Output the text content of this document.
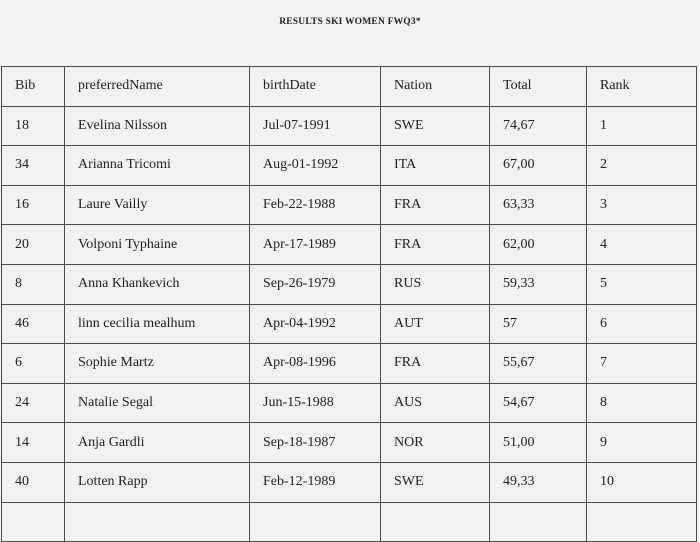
RESULTS SKI WOMEN FWQ3*
Bib	preferredName	birthDate	Nation	Total	Rank
18	Evelina Nilsson	Jul-07-1991	SWE	74,67	1
34	Arianna Tricomi	Aug-01-1992	ITA	67,00	2
16	Laure Vailly	Feb-22-1988	FRA	63,33	3
20	Volponi Typhaine	Apr-17-1989	FRA	62,00	4
8	Anna Khankevich	Sep-26-1979	RUS	59,33	5
46	linn cecilia mealhum	Apr-04-1992	AUT	57	6
6	Sophie Martz	Apr-08-1996	FRA	55,67	7
24	Natalie Segal	Jun-15-1988	AUS	54,67	8
14	Anja Gardli	Sep-18-1987	NOR	51,00	9
40	Lotten Rapp	Feb-12-1989	SWE	49,33	10
